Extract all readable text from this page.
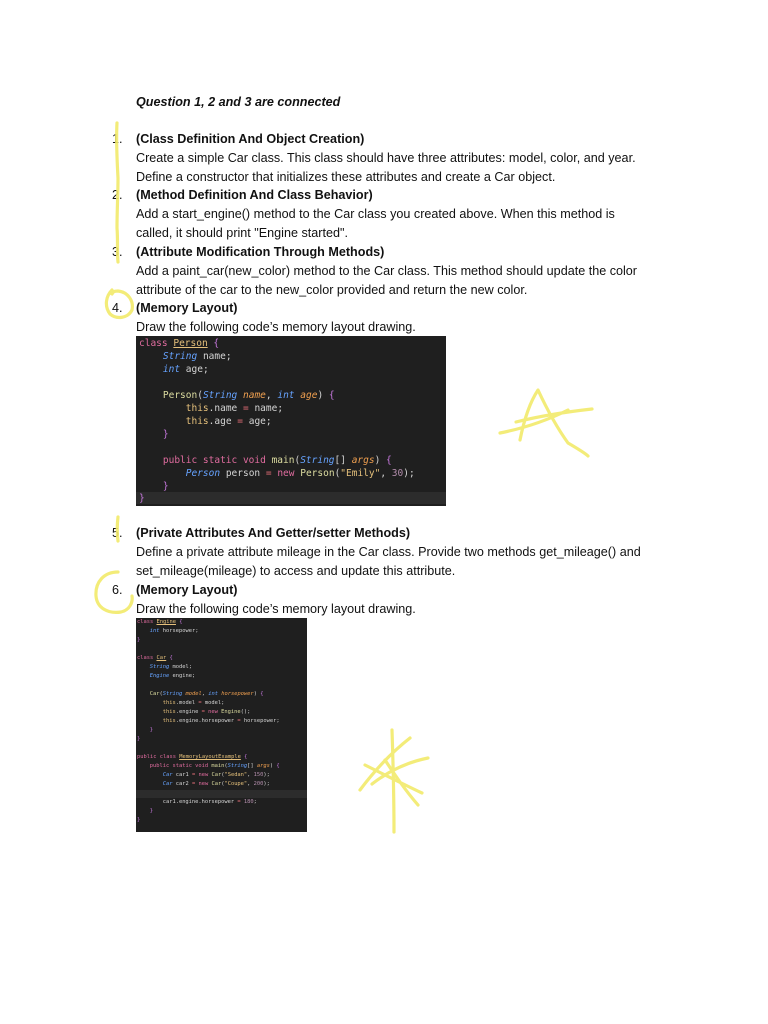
Question 1, 2 and 3 are connected
1. (Class Definition And Object Creation)
Create a simple Car class. This class should have three attributes: model, color, and year.
Define a constructor that initializes these attributes and create a Car object.
2. (Method Definition And Class Behavior)
Add a start_engine() method to the Car class you created above. When this method is
called, it should print "Engine started".
3. (Attribute Modification Through Methods)
Add a paint_car(new_color) method to the Car class. This method should update the color
attribute of the car to the new_color provided and return the new color.
4. (Memory Layout)
Draw the following code’s memory layout drawing.

class Person {

String name;

int age;

Person(String name, int age) {

this.name = name;

this.age = age;

}

public static void main(String[] args) {

Person person = new Person("Emily", 30);

}

}

5. (Private Attributes And Getter/setter Methods)
Define a private attribute mileage in the Car class. Provide two methods get_mileage() and
set_mileage(mileage) to access and update this attribute.
6. (Memory Layout)
Draw the following code’s memory layout drawing.

class Engine {

int horsepower;

}

class Car {

String model;

Engine engine;

Car(String model, int horsepower) {

this.model = model;

this.engine = new Engine();

this.engine.horsepower = horsepower;

}

}

public class MemoryLayoutExample {

public static void main(String[] args) {

Car car1 = new Car("Sedan", 150);

Car car2 = new Car("Coupe", 200);

car1.engine.horsepower = 180;

}

}
